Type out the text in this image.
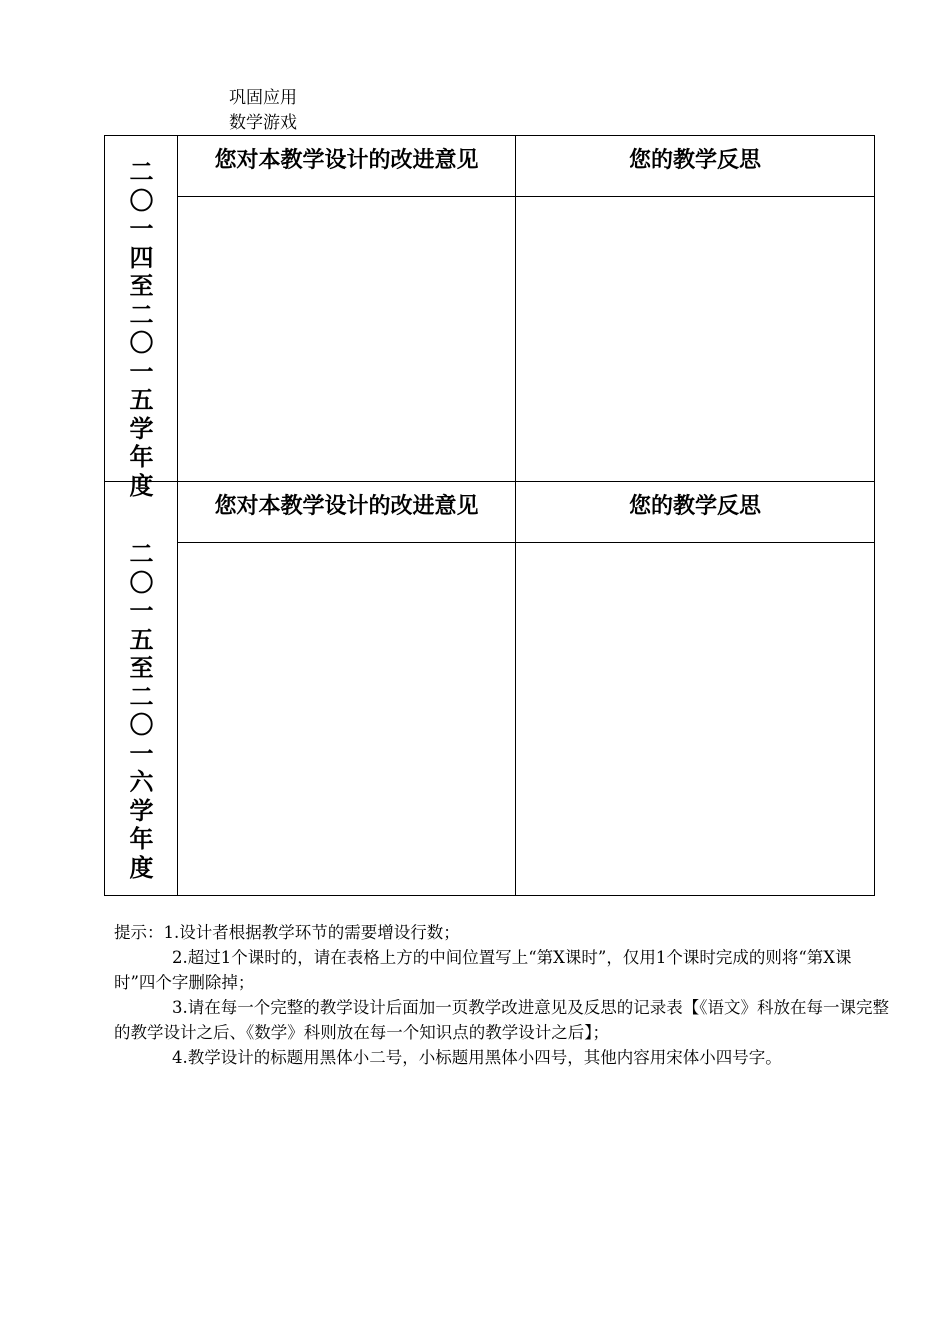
巩固应用
数学游戏
二
〇
一
四
至
二
〇
一
五
学
年
度
您对本教学设计的改进意见	您的教学反思
二
〇
一
五
至
二
〇
一
六
学
年
度
您对本教学设计的改进意见	您的教学反思

提示：1.设计者根据教学环节的需要增设行数；

2.超过1个课时的，请在表格上方的中间位置写上“第X课时”，仅用1个课时完成的则将“第X课时”四个字删除掉；

3.请在每一个完整的教学设计后面加一页教学改进意见及反思的记录表【《语文》科放在每一课完整的教学设计之后、《数学》科则放在每一个知识点的教学设计之后】；

4.教学设计的标题用黑体小二号，小标题用黑体小四号，其他内容用宋体小四号字。
